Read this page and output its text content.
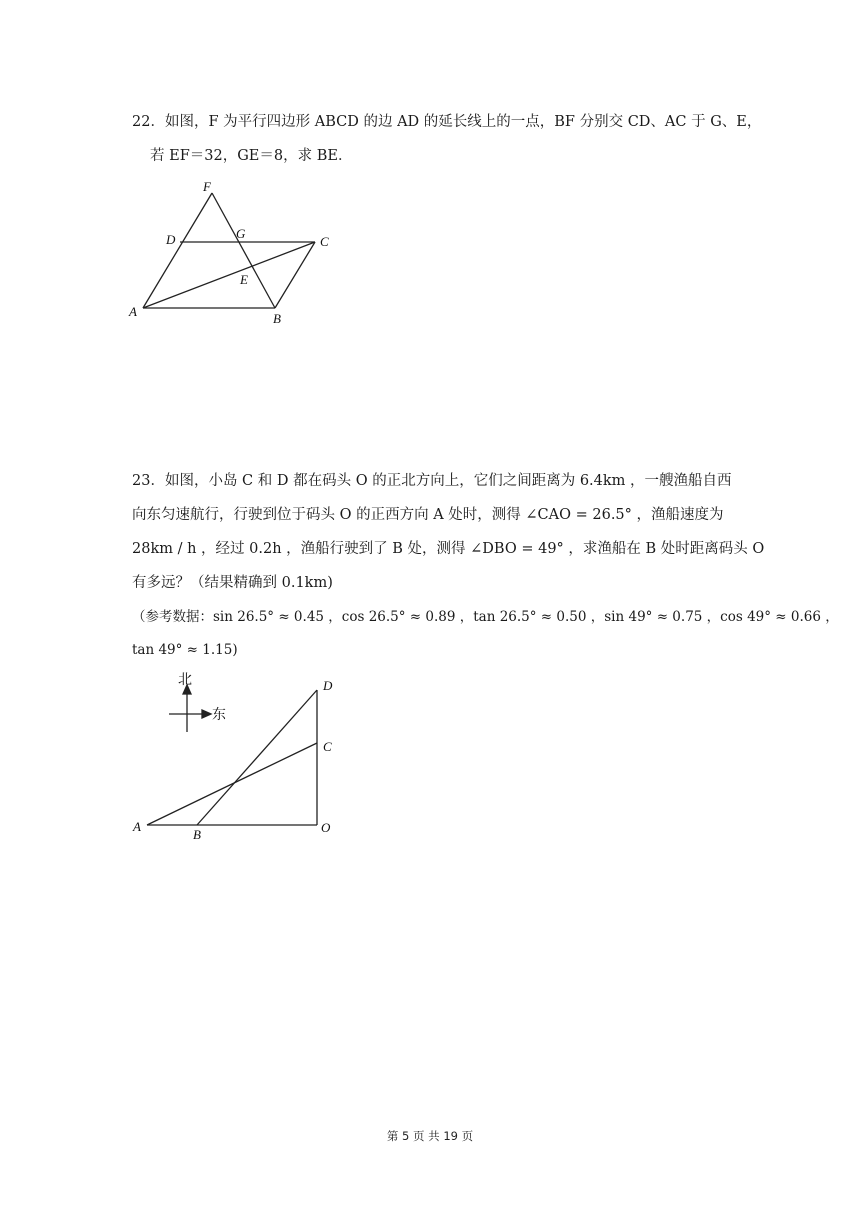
22．如图，F 为平行四边形 ABCD 的边 AD 的延长线上的一点，BF 分别交 CD、AC 于 G、E，
若 EF＝32，GE＝8，求 BE．
F
D	G
C
E
A	B
23．如图，小岛 C 和 D 都在码头 O 的正北方向上，它们之间距离为 6.4km ，一艘渔船自西
向东匀速航行，行驶到位于码头 O 的正西方向 A 处时，测得 ∠CAO = 26.5° ，渔船速度为
28km / h ，经过 0.2h ，渔船行驶到了 B 处，测得 ∠DBO = 49° ，求渔船在 B 处时距离码头 O
有多远？（结果精确到 0.1km)
（参考数据：sin 26.5° ≈ 0.45 ，cos 26.5° ≈ 0.89 ，tan 26.5° ≈ 0.50 ，sin 49° ≈ 0.75 ，cos 49° ≈ 0.66 ，
tan 49° ≈ 1.15)
北
东
D
C
A
B	O
第 5 页 共 19 页
